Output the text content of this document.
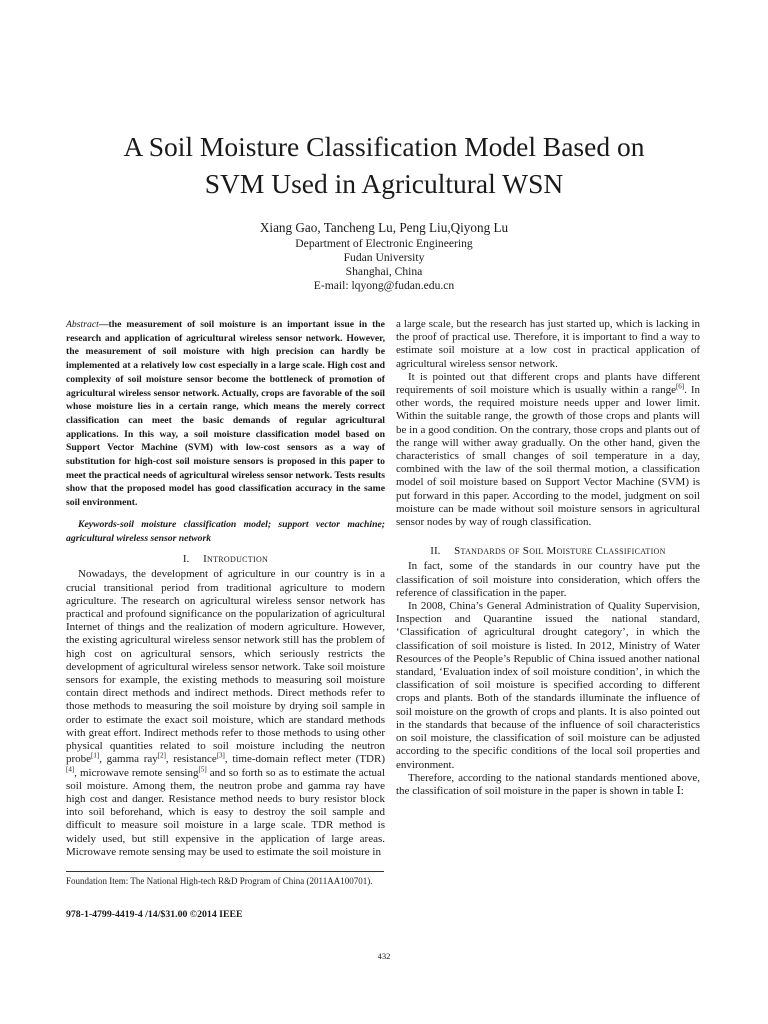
A Soil Moisture Classification Model Based on
SVM Used in Agricultural WSN
Xiang Gao, Tancheng Lu, Peng Liu,Qiyong Lu
Department of Electronic Engineering
Fudan University
Shanghai, China
E-mail: lqyong@fudan.edu.cn

Abstract—the measurement of soil moisture is an important issue in the research and application of agricultural wireless sensor network. However, the measurement of soil moisture with high precision can hardly be implemented at a relatively low cost especially in a large scale. High cost and complexity of soil moisture sensor become the bottleneck of promotion of agricultural wireless sensor network. Actually, crops are favorable of the soil whose moisture lies in a certain range, which means the merely correct classification can meet the basic demands of regular agricultural applications. In this way, a soil moisture classification model based on Support Vector Machine (SVM) with low-cost sensors as a way of substitution for high-cost soil moisture sensors is proposed in this paper to meet the practical needs of agricultural wireless sensor network. Tests results show that the proposed model has good classification accuracy in the same soil environment.

Keywords-soil moisture classification model; support vector machine; agricultural wireless sensor network

I. Introduction

Nowadays, the development of agriculture in our country is in a crucial transitional period from traditional agriculture to modern agriculture. The research on agricultural wireless sensor network has practical and profound significance on the popularization of agricultural Internet of things and the realization of modern agriculture. However, the existing agricultural wireless sensor network still has the problem of high cost on agricultural sensors, which seriously restricts the development of agricultural wireless sensor network. Take soil moisture sensors for example, the existing methods to measuring soil moisture contain direct methods and indirect methods. Direct methods refer to those methods to measuring the soil moisture by drying soil sample in order to estimate the exact soil moisture, which are standard methods with great effort. Indirect methods refer to those methods to using other physical quantities related to soil moisture including the neutron probe[1], gamma ray[2], resistance[3], time-domain reflect meter (TDR) [4], microwave remote sensing[5] and so forth so as to estimate the actual soil moisture. Among them, the neutron probe and gamma ray have high cost and danger. Resistance method needs to bury resistor block into soil beforehand, which is easy to destroy the soil sample and difficult to measure soil moisture in a large scale. TDR method is widely used, but still expensive in the application of large areas. Microwave remote sensing may be used to estimate the soil moisture in

a large scale, but the research has just started up, which is lacking in the proof of practical use. Therefore, it is important to find a way to estimate soil moisture at a low cost in practical application of agricultural wireless sensor network.

It is pointed out that different crops and plants have different requirements of soil moisture which is usually within a range[6]. In other words, the required moisture needs upper and lower limit. Within the suitable range, the growth of those crops and plants will be in a good condition. On the contrary, those crops and plants out of the range will wither away gradually. On the other hand, given the characteristics of small changes of soil temperature in a day, combined with the law of the soil thermal motion, a classification model of soil moisture based on Support Vector Machine (SVM) is put forward in this paper. According to the model, judgment on soil moisture can be made without soil moisture sensors in agricultural sensor nodes by way of rough classification.

II. Standards of Soil Moisture Classification

In fact, some of the standards in our country have put the classification of soil moisture into consideration, which offers the reference of classification in the paper.

In 2008, China’s General Administration of Quality Supervision, Inspection and Quarantine issued the national standard, ‘Classification of agricultural drought category’, in which the classification of soil moisture is listed. In 2012, Ministry of Water Resources of the People’s Republic of China issued another national standard, ‘Evaluation index of soil moisture condition’, in which the classification of soil moisture is specified according to different crops and plants. Both of the standards illuminate the influence of soil moisture on the growth of crops and plants. It is also pointed out in the standards that because of the influence of soil characteristics on soil moisture, the classification of soil moisture can be adjusted according to the specific conditions of the local soil properties and environment.

Therefore, according to the national standards mentioned above, the classification of soil moisture in the paper is shown in table Ⅰ:

Foundation Item: The National High-tech R&D Program of China (2011AA100701).
978-1-4799-4419-4 /14/$31.00 ©2014 IEEE
432
